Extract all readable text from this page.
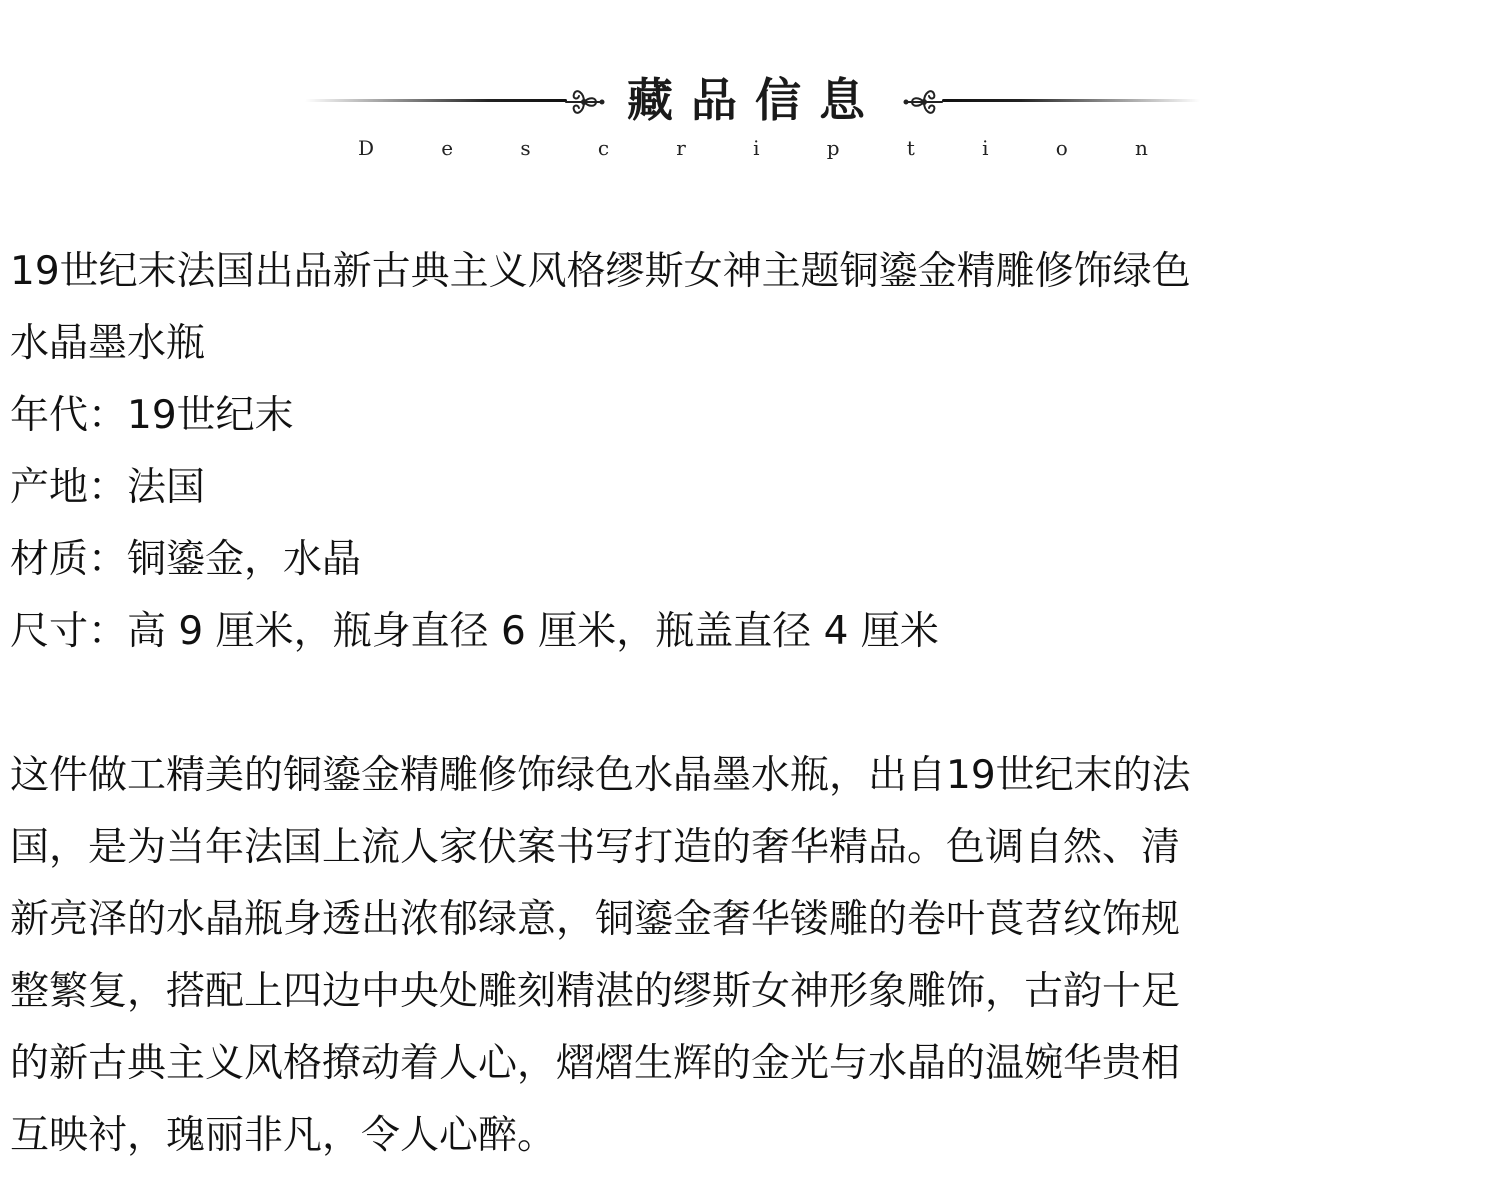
藏品信息
D	e	s	c	r	i	p	t	i	o	n
19世纪末法国出品新古典主义风格缪斯女神主题铜鎏金精雕修饰绿色
水晶墨水瓶
年代：19世纪末
产地：法国
材质：铜鎏金，水晶
尺寸：高 9 厘米，瓶身直径 6 厘米，瓶盖直径 4 厘米
这件做工精美的铜鎏金精雕修饰绿色水晶墨水瓶，出自19世纪末的法
国，是为当年法国上流人家伏案书写打造的奢华精品。色调自然、清
新亮泽的水晶瓶身透出浓郁绿意，铜鎏金奢华镂雕的卷叶莨苕纹饰规
整繁复，搭配上四边中央处雕刻精湛的缪斯女神形象雕饰，古韵十足
的新古典主义风格撩动着人心，熠熠生辉的金光与水晶的温婉华贵相
互映衬，瑰丽非凡，令人心醉。
